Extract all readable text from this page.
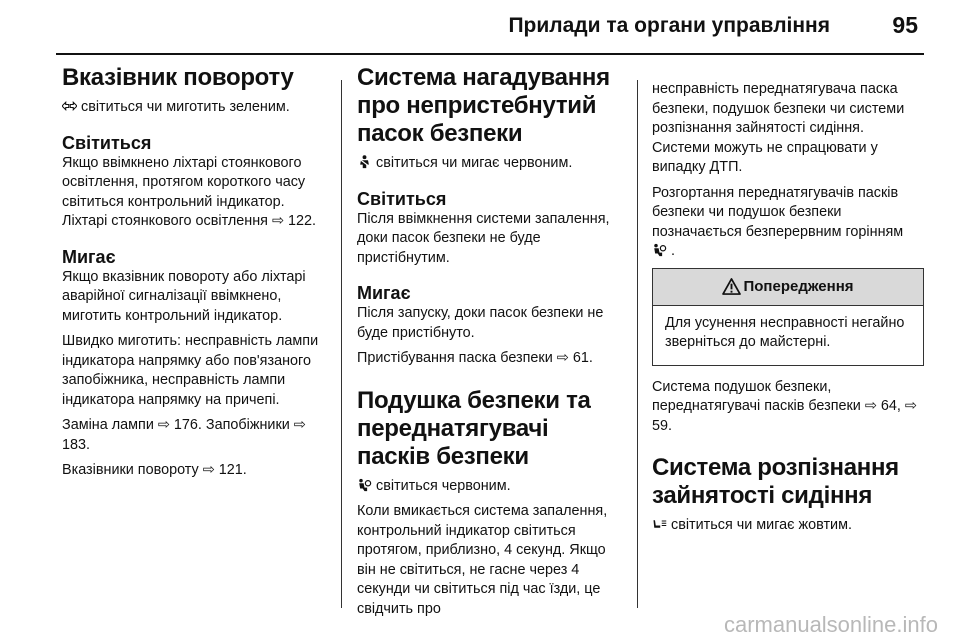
Прилади та органи управління	95
Вказівник повороту

світиться чи миготить зеленим.

Світиться

Якщо ввімкнено ліхтарі стоянкового освітлення, протягом короткого часу світиться контрольний індикатор. Ліхтарі стоянкового освітлення ⇨ 122.

Мигає

Якщо вказівник повороту або ліхтарі аварійної сигналізації ввімкнено, миготить контрольний індикатор.

Швидко миготить: несправність лампи індикатора напрямку або пов'язаного запобіжника, несправність лампи індикатора напрямку на причепі.

Заміна лампи ⇨ 176. Запобіжники ⇨ 183.

Вказівники повороту ⇨ 121.

Система нагадування про непристебнутий пасок безпеки

світиться чи мигає червоним.

Світиться

Після ввімкнення системи запалення, доки пасок безпеки не буде пристібнутим.

Мигає

Після запуску, доки пасок безпеки не буде пристібнуто.

Пристібування паска безпеки ⇨ 61.

Подушка безпеки та переднатягувачі пасків безпеки

світиться червоним.

Коли вмикається система запалення, контрольний індикатор світиться протягом, приблизно, 4 секунд. Якщо він не світиться, не гасне через 4 секунди чи світиться під час їзди, це свідчить про

несправність переднатягувача паска безпеки, подушок безпеки чи системи розпізнання зайнятості сидіння. Системи можуть не спрацювати у випадку ДТП.

Розгортання переднатягувачів пасків безпеки чи подушок безпеки позначається безперервним горінням .

Попередження

Для усунення несправності негайно зверніться до майстерні.

Система подушок безпеки, переднатягувачі пасків безпеки ⇨ 64, ⇨ 59.

Система розпізнання зайнятості сидіння

світиться чи мигає жовтим.

carmanualsonline.info
